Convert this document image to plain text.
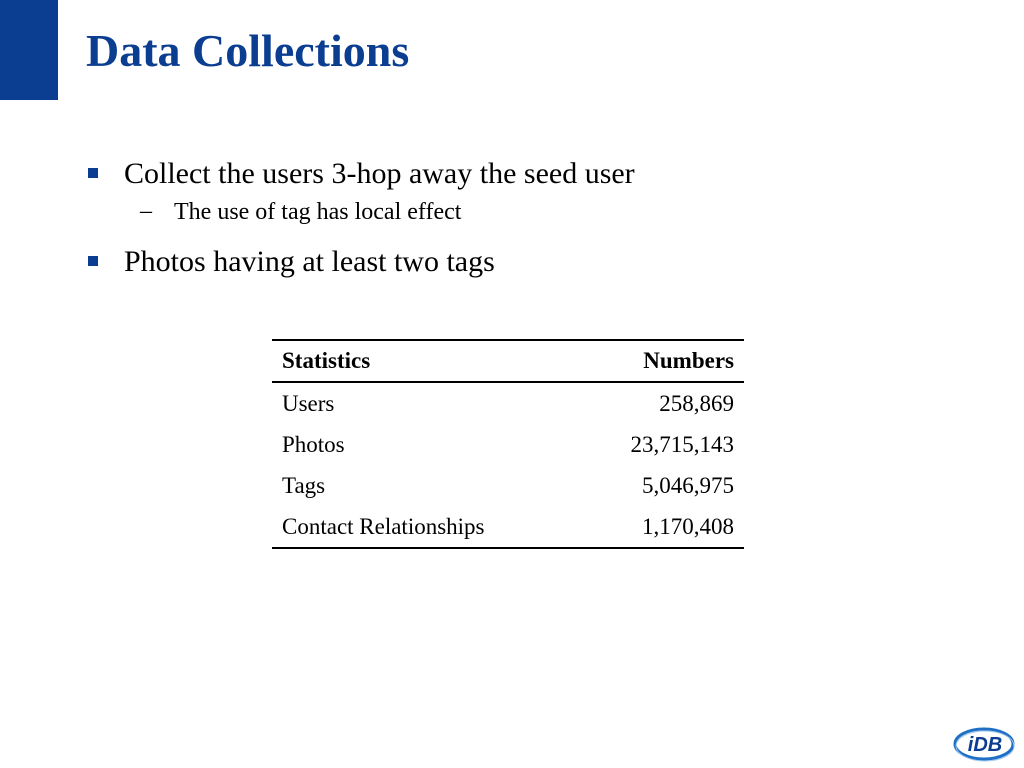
Data Collections
Collect the users 3-hop away the seed user
– The use of tag has local effect
Photos having at least two tags
Statistics	Numbers
Users	258,869
Photos	23,715,143
Tags	5,046,975
Contact Relationships	1,170,408
iDB
